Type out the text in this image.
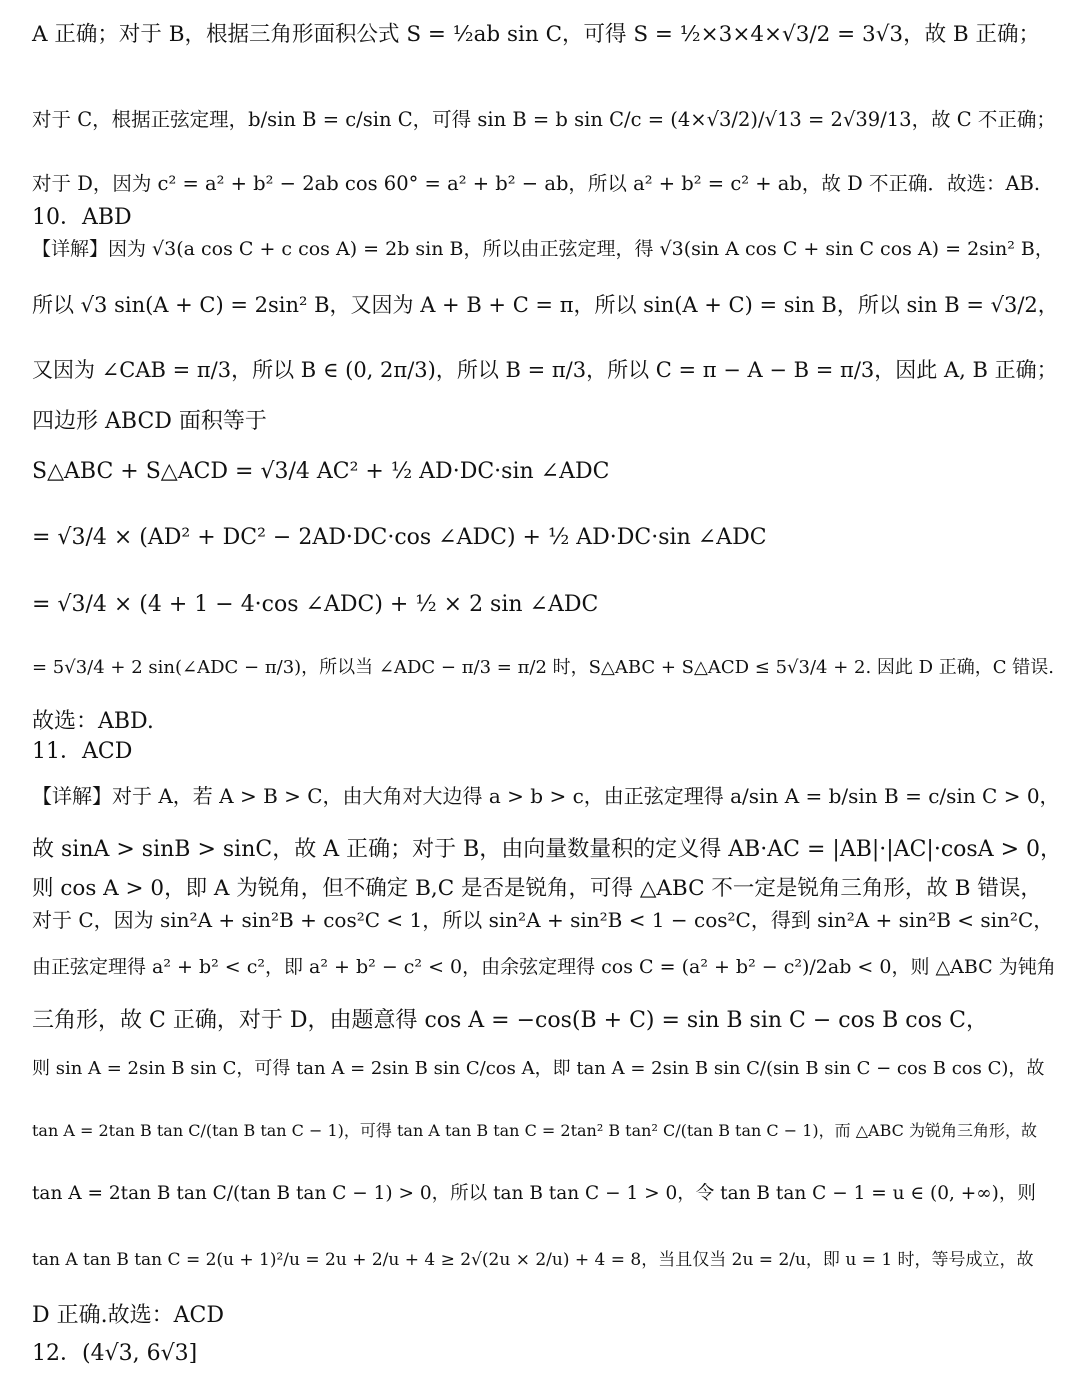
A 正确；对于 B，根据三角形面积公式 S = ½ab sin C，可得 S = ½×3×4×√3/2 = 3√3，故 B 正确；
对于 C，根据正弦定理，b/sin B = c/sin C，可得 sin B = b sin C/c = (4×√3/2)/√13 = 2√39/13，故 C 不正确；
对于 D，因为 c² = a² + b² − 2ab cos 60° = a² + b² − ab，所以 a² + b² = c² + ab，故 D 不正确．故选：AB.
10．ABD
【详解】因为 √3(a cos C + c cos A) = 2b sin B，所以由正弦定理，得 √3(sin A cos C + sin C cos A) = 2sin² B，
所以 √3 sin(A + C) = 2sin² B，又因为 A + B + C = π，所以 sin(A + C) = sin B，所以 sin B = √3/2，
又因为 ∠CAB = π/3，所以 B ∈ (0, 2π/3)，所以 B = π/3，所以 C = π − A − B = π/3，因此 A, B 正确；
四边形 ABCD 面积等于
S△ABC + S△ACD = √3/4 AC² + ½ AD·DC·sin ∠ADC
= √3/4 × (AD² + DC² − 2AD·DC·cos ∠ADC) + ½ AD·DC·sin ∠ADC
= √3/4 × (4 + 1 − 4·cos ∠ADC) + ½ × 2 sin ∠ADC
= 5√3/4 + 2 sin(∠ADC − π/3)，所以当 ∠ADC − π/3 = π/2 时，S△ABC + S△ACD ≤ 5√3/4 + 2. 因此 D 正确，C 错误.
故选：ABD.
11．ACD
【详解】对于 A，若 A > B > C，由大角对大边得 a > b > c，由正弦定理得 a/sin A = b/sin B = c/sin C > 0，
故 sinA > sinB > sinC，故 A 正确；对于 B，由向量数量积的定义得 AB·AC = |AB|·|AC|·cosA > 0，
则 cos A > 0，即 A 为锐角，但不确定 B,C 是否是锐角，可得 △ABC 不一定是锐角三角形，故 B 错误，
对于 C，因为 sin²A + sin²B + cos²C < 1，所以 sin²A + sin²B < 1 − cos²C，得到 sin²A + sin²B < sin²C，
由正弦定理得 a² + b² < c²，即 a² + b² − c² < 0，由余弦定理得 cos C = (a² + b² − c²)/2ab < 0，则 △ABC 为钝角
三角形，故 C 正确，对于 D，由题意得 cos A = −cos(B + C) = sin B sin C − cos B cos C，
则 sin A = 2sin B sin C，可得 tan A = 2sin B sin C/cos A，即 tan A = 2sin B sin C/(sin B sin C − cos B cos C)，故
tan A = 2tan B tan C/(tan B tan C − 1)，可得 tan A tan B tan C = 2tan² B tan² C/(tan B tan C − 1)，而 △ABC 为锐角三角形，故
tan A = 2tan B tan C/(tan B tan C − 1) > 0，所以 tan B tan C − 1 > 0，令 tan B tan C − 1 = u ∈ (0, +∞)，则
tan A tan B tan C = 2(u + 1)²/u = 2u + 2/u + 4 ≥ 2√(2u × 2/u) + 4 = 8，当且仅当 2u = 2/u，即 u = 1 时，等号成立，故
D 正确.故选：ACD
12．(4√3, 6√3]
